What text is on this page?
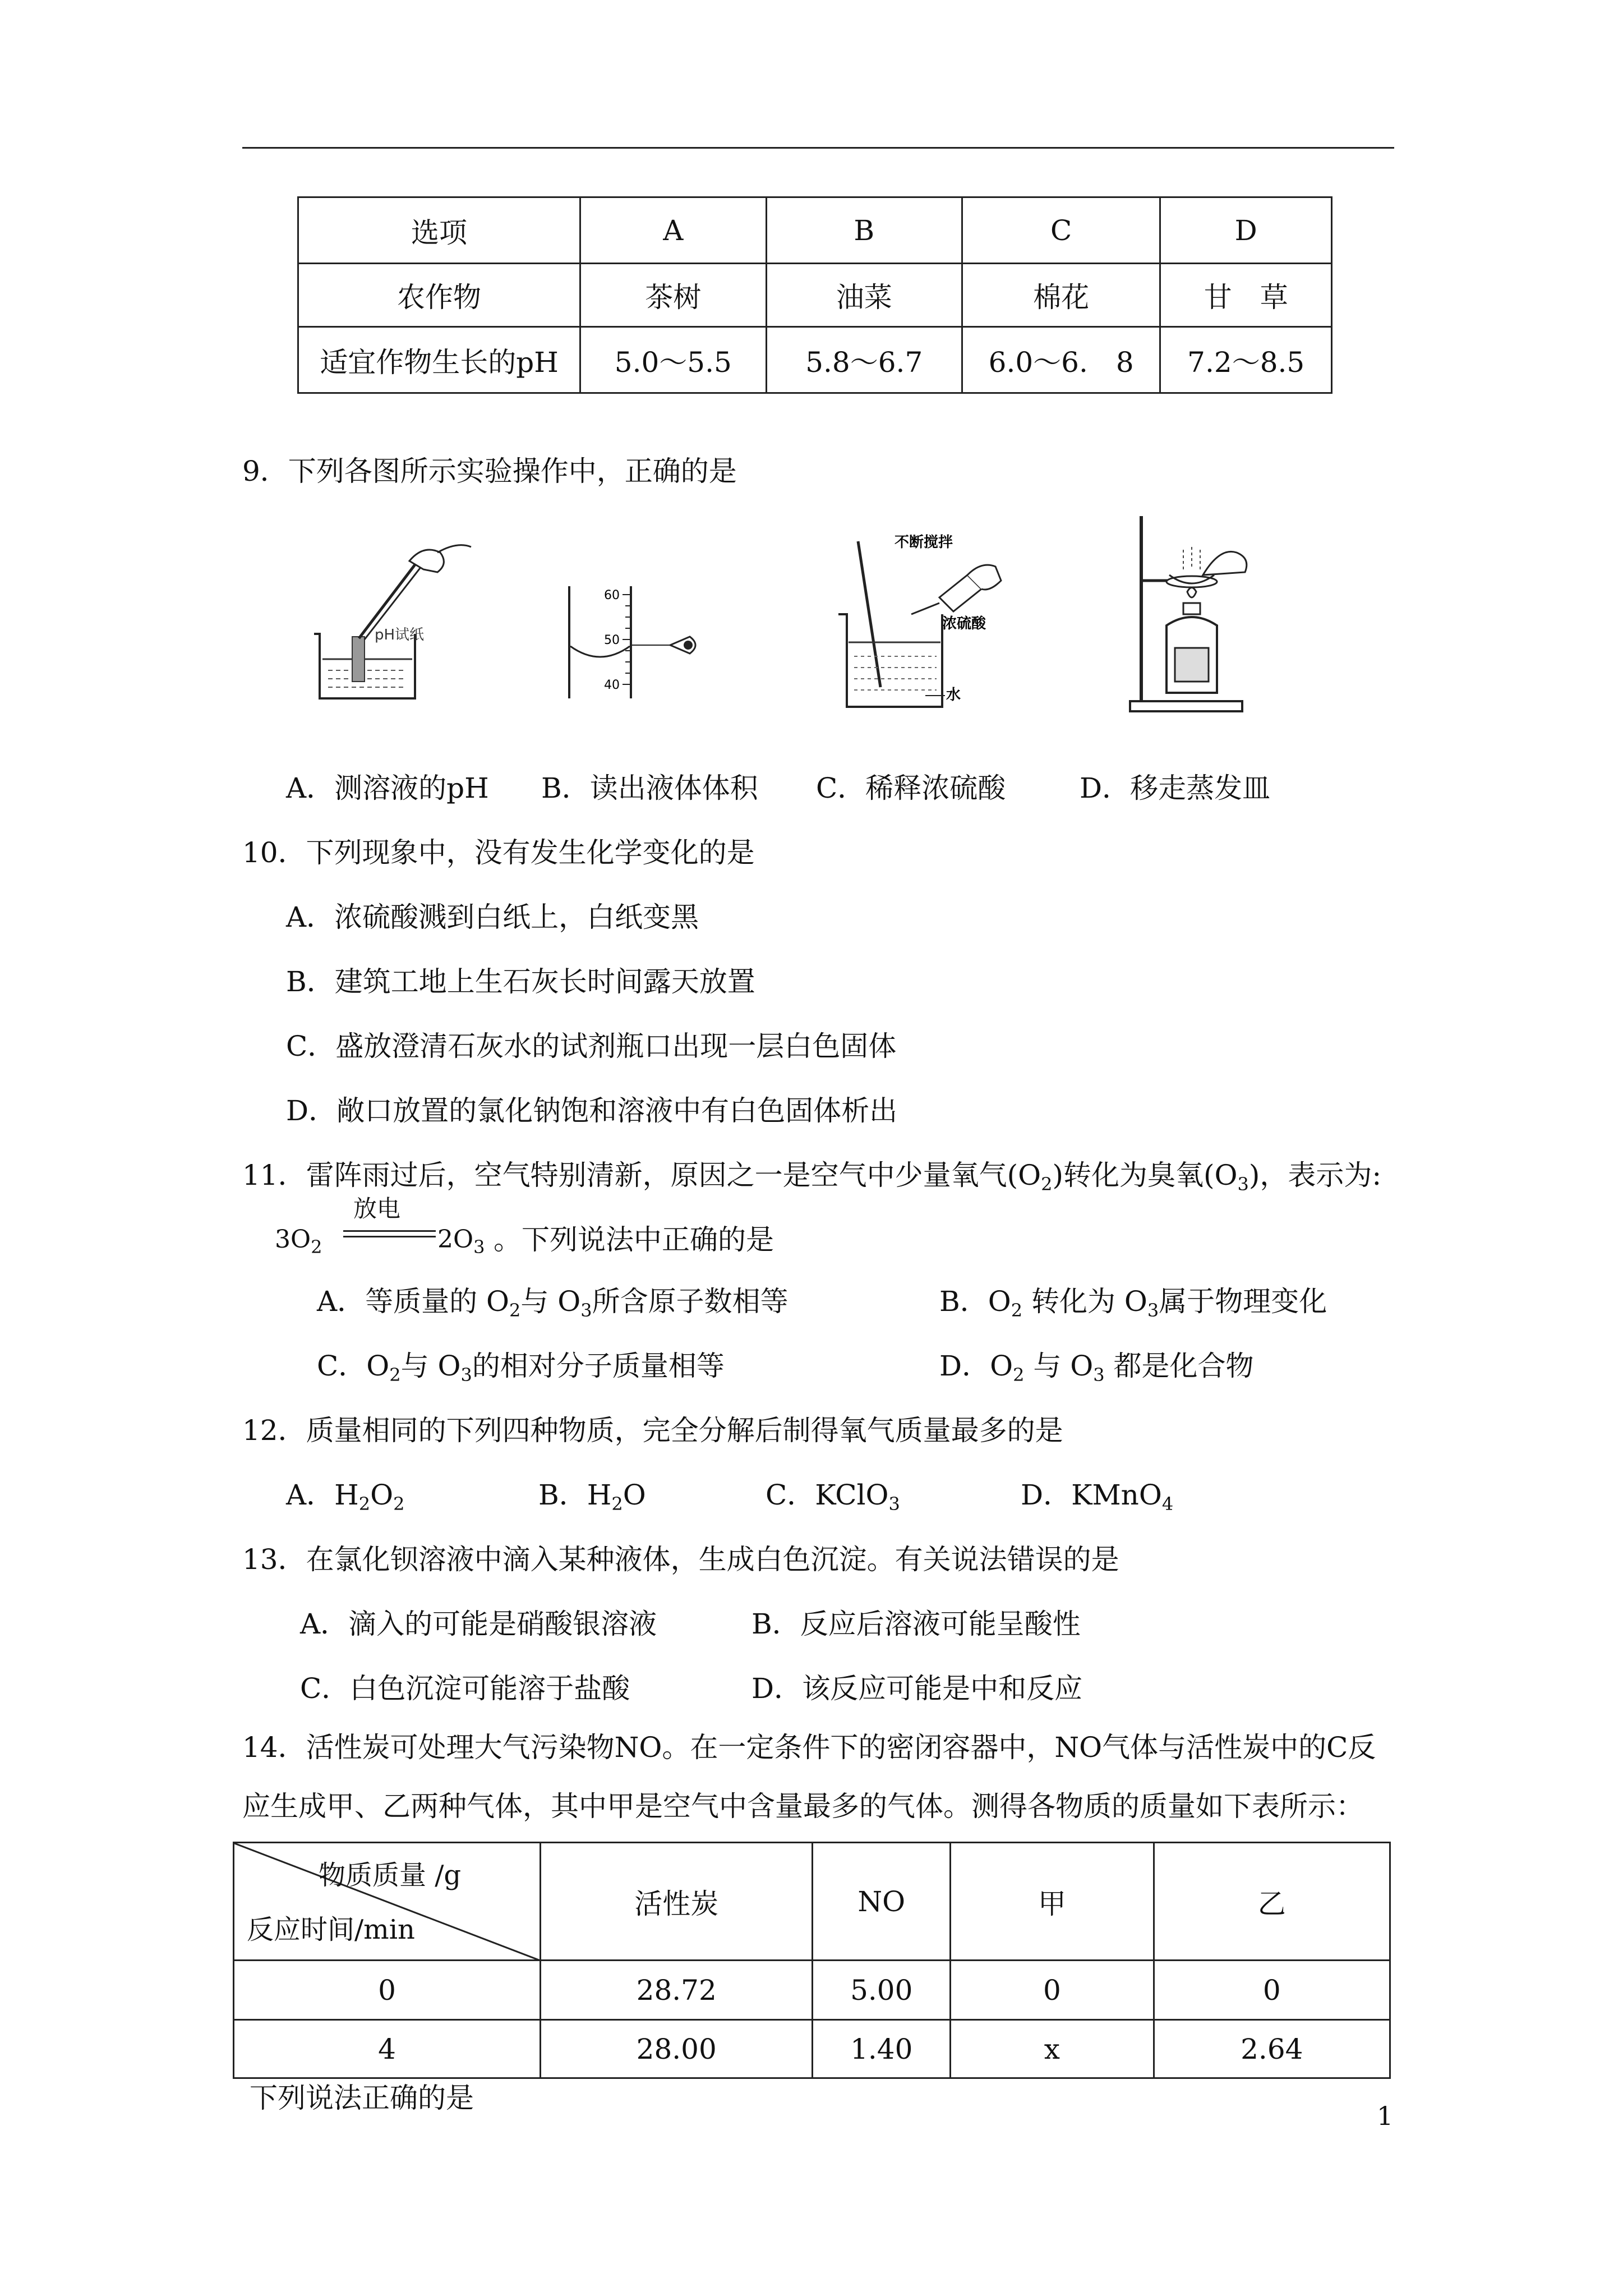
选项	A	B	C	D
农作物	茶树	油菜	棉花	甘　草
适宜作物生长的pH	5.0～5.5	5.8～6.7	6.0～6.　8	7.2～8.5
9．下列各图所示实验操作中，正确的是
pH试纸
60
50
40
不断搅拌
浓硫酸
水
A．测溶液的pH B．读出液体体积 C．稀释浓硫酸	D．移走蒸发皿
10．下列现象中，没有发生化学变化的是
A．浓硫酸溅到白纸上，白纸变黑
B．建筑工地上生石灰长时间露天放置
C．盛放澄清石灰水的试剂瓶口出现一层白色固体
D．敞口放置的氯化钠饱和溶液中有白色固体析出
11．雷阵雨过后，空气特别清新，原因之一是空气中少量氧气$(O_2)$转化为臭氧$(O_3)$，表示为:
放电
$3O_2$	$2O_3$ 。下列说法中正确的是
A．等质量的 $O_2$与 $O_3$所含原子数相等	B．$O_2$ 转化为 $O_3$属于物理变化
C．$O_2$与 $O_3$的相对分子质量相等	D．$O_2$ 与 $O_3$ 都是化合物
12．质量相同的下列四种物质，完全分解后制得氧气质量最多的是
A．$H_2O_2$	B．$H_2O$	C．KClO$_3$	D．KMnO$_4$
13．在氯化钡溶液中滴入某种液体，生成白色沉淀。有关说法错误的是
A．滴入的可能是硝酸银溶液	B．反应后溶液可能呈酸性
C．白色沉淀可能溶于盐酸	D．该反应可能是中和反应
14．活性炭可处理大气污染物NO。在一定条件下的密闭容器中，NO气体与活性炭中的C反
应生成甲、乙两种气体，其中甲是空气中含量最多的气体。测得各物质的质量如下表所示：
物质质量 /g
反应时间/min	活性炭	NO	甲	乙
0	28.72	5.00	0	0
4	28.00	1.40	x	2.64
下列说法正确的是
1
